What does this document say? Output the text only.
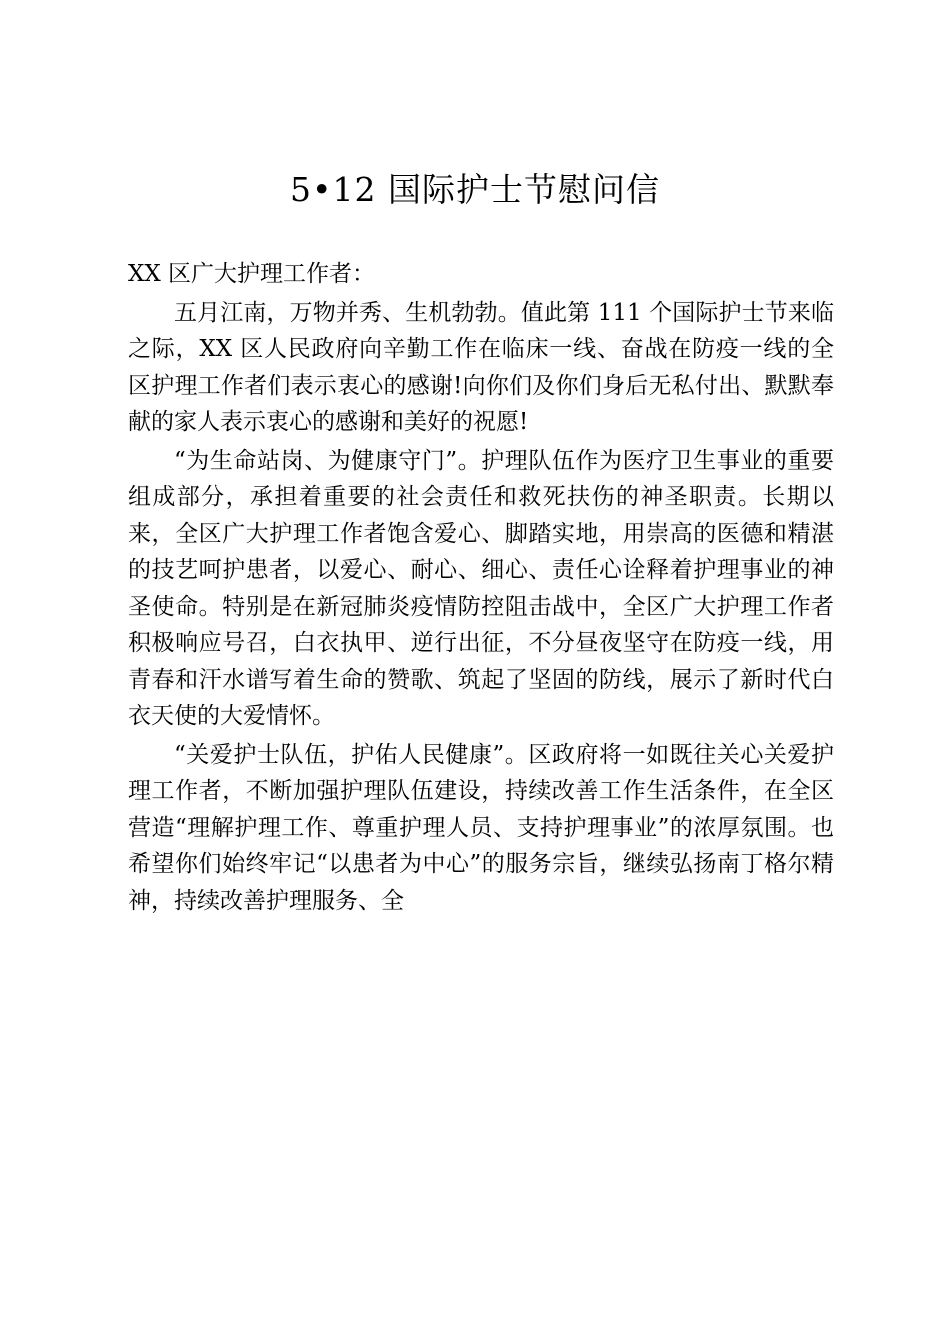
5•12 国际护士节慰问信

XX 区广大护理工作者：

五月江南，万物并秀、生机勃勃。值此第 111 个国际护士节来临之际，XX 区人民政府向辛勤工作在临床一线、奋战在防疫一线的全区护理工作者们表示衷心的感谢!向你们及你们身后无私付出、默默奉献的家人表示衷心的感谢和美好的祝愿!

“为生命站岗、为健康守门”。护理队伍作为医疗卫生事业的重要组成部分，承担着重要的社会责任和救死扶伤的神圣职责。长期以来，全区广大护理工作者饱含爱心、脚踏实地，用崇高的医德和精湛的技艺呵护患者，以爱心、耐心、细心、责任心诠释着护理事业的神圣使命。特别是在新冠肺炎疫情防控阻击战中，全区广大护理工作者积极响应号召，白衣执甲、逆行出征，不分昼夜坚守在防疫一线，用青春和汗水谱写着生命的赞歌、筑起了坚固的防线，展示了新时代白衣天使的大爱情怀。

“关爱护士队伍，护佑人民健康”。区政府将一如既往关心关爱护理工作者，不断加强护理队伍建设，持续改善工作生活条件，在全区营造“理解护理工作、尊重护理人员、支持护理事业”的浓厚氛围。也希望你们始终牢记“以患者为中心”的服务宗旨，继续弘扬南丁格尔精神，持续改善护理服务、全
